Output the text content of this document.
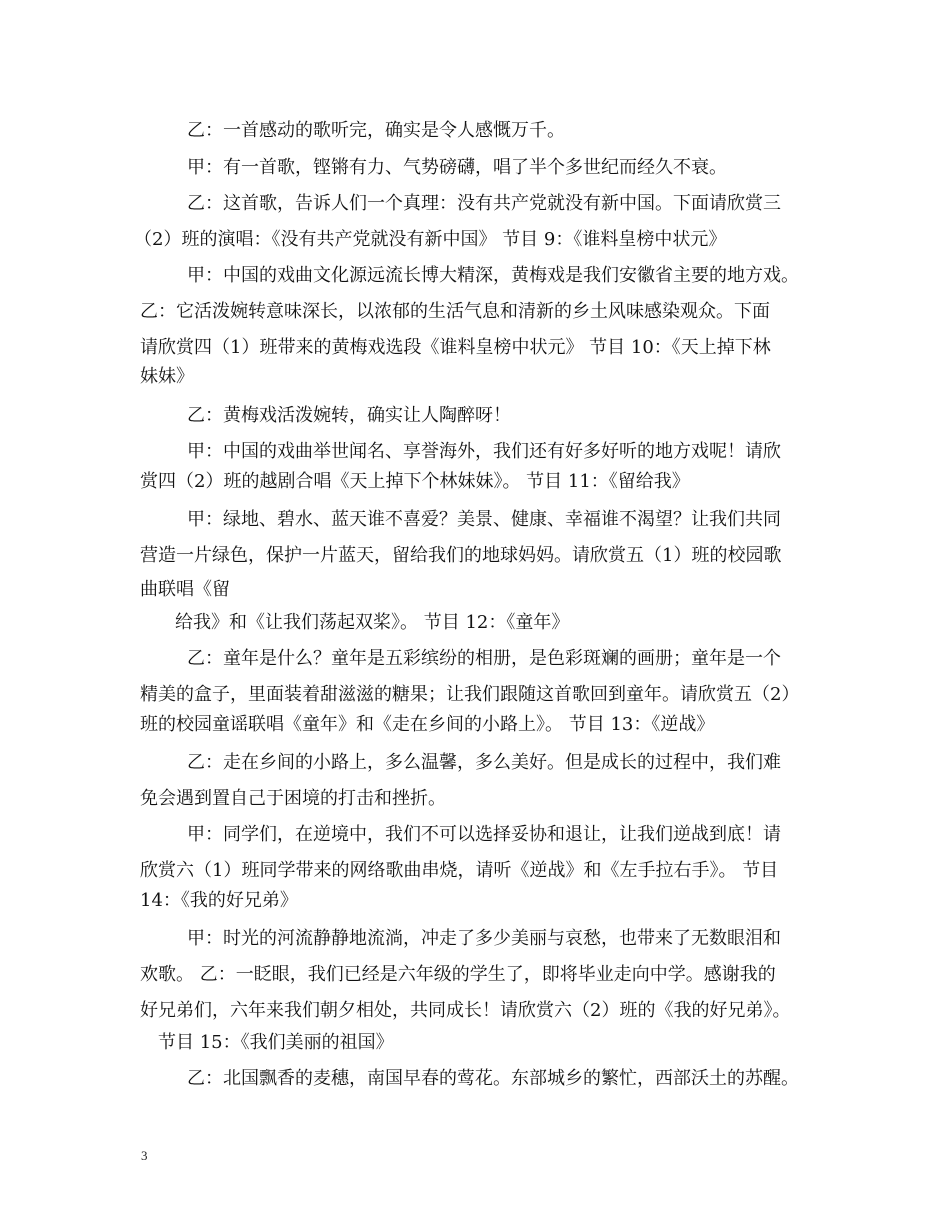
乙：一首感动的歌听完，确实是令人感慨万千。
甲：有一首歌，铿锵有力、气势磅礴，唱了半个多世纪而经久不衰。
乙：这首歌，告诉人们一个真理：没有共产党就没有新中国。下面请欣赏三
（2）班的演唱：《没有共产党就没有新中国》 节目 9：《谁料皇榜中状元》
甲：中国的戏曲文化源远流长博大精深，黄梅戏是我们安徽省主要的地方戏。
乙：它活泼婉转意味深长，以浓郁的生活气息和清新的乡土风味感染观众。下面
请欣赏四（1）班带来的黄梅戏选段《谁料皇榜中状元》 节目 10：《天上掉下林
妹妹》
乙：黄梅戏活泼婉转，确实让人陶醉呀！
甲：中国的戏曲举世闻名、享誉海外，我们还有好多好听的地方戏呢！请欣
赏四（2）班的越剧合唱《天上掉下个林妹妹》。 节目 11：《留给我》
甲：绿地、碧水、蓝天谁不喜爱？美景、健康、幸福谁不渴望？让我们共同
营造一片绿色，保护一片蓝天，留给我们的地球妈妈。请欣赏五（1）班的校园歌
曲联唱《留
给我》和《让我们荡起双桨》。 节目 12：《童年》
乙：童年是什么？童年是五彩缤纷的相册，是色彩斑斓的画册；童年是一个
精美的盒子，里面装着甜滋滋的糖果；让我们跟随这首歌回到童年。请欣赏五（2）
班的校园童谣联唱《童年》和《走在乡间的小路上》。 节目 13：《逆战》
乙：走在乡间的小路上，多么温馨，多么美好。但是成长的过程中，我们难
免会遇到置自己于困境的打击和挫折。
甲：同学们，在逆境中，我们不可以选择妥协和退让，让我们逆战到底！请
欣赏六（1）班同学带来的网络歌曲串烧，请听《逆战》和《左手拉右手》。 节目
14：《我的好兄弟》
甲：时光的河流静静地流淌，冲走了多少美丽与哀愁，也带来了无数眼泪和
欢歌。 乙：一眨眼，我们已经是六年级的学生了，即将毕业走向中学。感谢我的
好兄弟们，六年来我们朝夕相处，共同成长！请欣赏六（2）班的《我的好兄弟》。
节目 15：《我们美丽的祖国》
乙：北国飘香的麦穗，南国早春的莺花。东部城乡的繁忙，西部沃土的苏醒。
3
